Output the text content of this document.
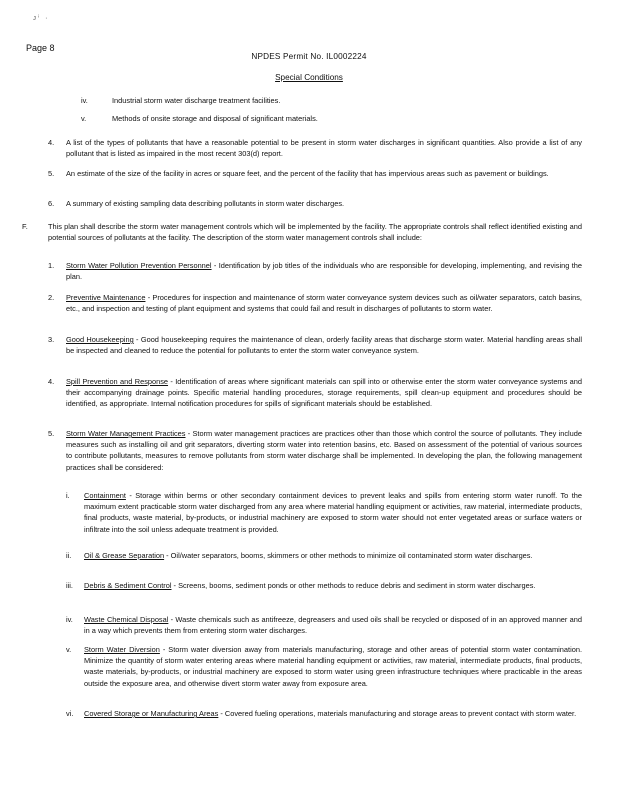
ᴊⁱ ·
Page 8
NPDES Permit No. IL0002224
Special Conditions
iv.	Industrial storm water discharge treatment facilities.
v.	Methods of onsite storage and disposal of significant materials.
4. A list of the types of pollutants that have a reasonable potential to be present in storm water discharges in significant quantities. Also provide a list of any pollutant that is listed as impaired in the most recent 303(d) report.
5. An estimate of the size of the facility in acres or square feet, and the percent of the facility that has impervious areas such as pavement or buildings.
6. A summary of existing sampling data describing pollutants in storm water discharges.
F.	This plan shall describe the storm water management controls which will be implemented by the facility. The appropriate controls shall reflect identified existing and potential sources of pollutants at the facility. The description of the storm water management controls shall include:
1. Storm Water Pollution Prevention Personnel - Identification by job titles of the individuals who are responsible for developing, implementing, and revising the plan.
2. Preventive Maintenance - Procedures for inspection and maintenance of storm water conveyance system devices such as oil/water separators, catch basins, etc., and inspection and testing of plant equipment and systems that could fail and result in discharges of pollutants to storm water.
3. Good Housekeeping - Good housekeeping requires the maintenance of clean, orderly facility areas that discharge storm water. Material handling areas shall be inspected and cleaned to reduce the potential for pollutants to enter the storm water conveyance system.
4. Spill Prevention and Response - Identification of areas where significant materials can spill into or otherwise enter the storm water conveyance systems and their accompanying drainage points. Specific material handling procedures, storage requirements, spill clean-up equipment and procedures should be identified, as appropriate. Internal notification procedures for spills of significant materials should be established.
5. Storm Water Management Practices - Storm water management practices are practices other than those which control the source of pollutants. They include measures such as installing oil and grit separators, diverting storm water into retention basins, etc. Based on assessment of the potential of various sources to contribute pollutants, measures to remove pollutants from storm water discharge shall be implemented. In developing the plan, the following management practices shall be considered:
i. Containment - Storage within berms or other secondary containment devices to prevent leaks and spills from entering storm water runoff. To the maximum extent practicable storm water discharged from any area where material handling equipment or activities, raw material, intermediate products, final products, waste material, by-products, or industrial machinery are exposed to storm water should not enter vegetated areas or surface waters or infiltrate into the soil unless adequate treatment is provided.
ii. Oil & Grease Separation - Oil/water separators, booms, skimmers or other methods to minimize oil contaminated storm water discharges.
iii. Debris & Sediment Control - Screens, booms, sediment ponds or other methods to reduce debris and sediment in storm water discharges.
iv. Waste Chemical Disposal - Waste chemicals such as antifreeze, degreasers and used oils shall be recycled or disposed of in an approved manner and in a way which prevents them from entering storm water discharges.
v. Storm Water Diversion - Storm water diversion away from materials manufacturing, storage and other areas of potential storm water contamination. Minimize the quantity of storm water entering areas where material handling equipment or activities, raw material, intermediate products, final products, waste materials, by-products, or industrial machinery are exposed to storm water using green infrastructure techniques where practicable in the areas outside the exposure area, and otherwise divert storm water away from exposure area.
vi. Covered Storage or Manufacturing Areas - Covered fueling operations, materials manufacturing and storage areas to prevent contact with storm water.
